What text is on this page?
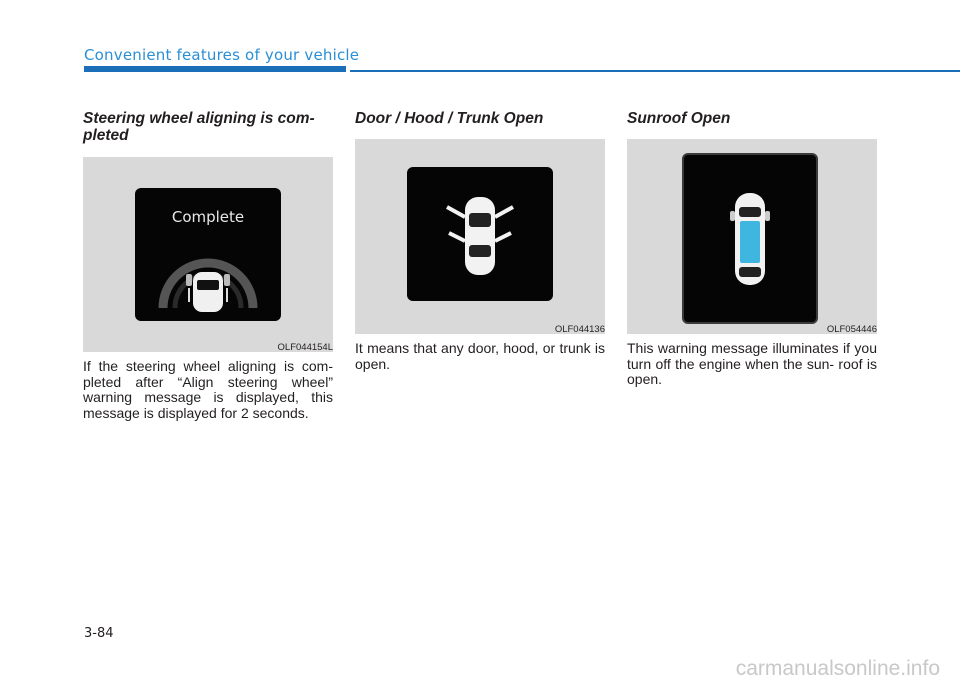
Convenient features of your vehicle
Steering wheel aligning is com-
pleted
Complete
OLF044154L
If the steering wheel aligning is com- pleted after “Align steering wheel” warning message is displayed, this message is displayed for 2 seconds.
Door / Hood / Trunk Open
OLF044136
It means that any door, hood, or trunk is open.
Sunroof Open
OLF054446
This warning message illuminates if you turn off the engine when the sun- roof is open.
3-84
carmanualsonline.info
